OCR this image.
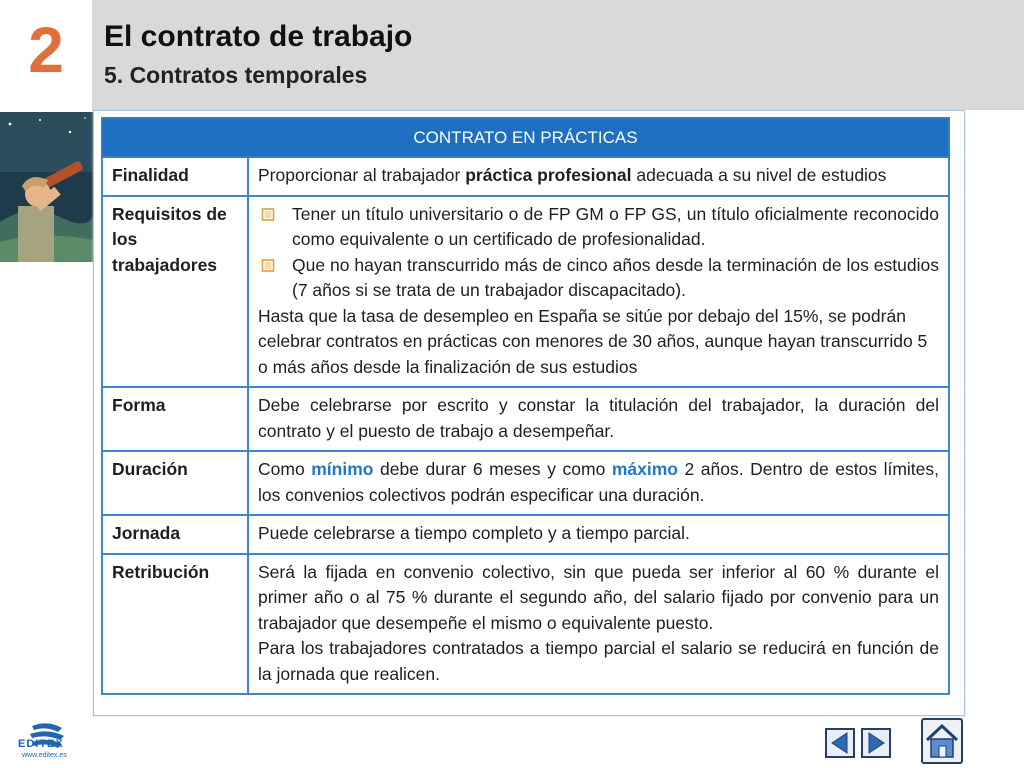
2	El contrato de trabajo
5. Contratos temporales
CONTRATO EN PRÁCTICAS	
Finalidad	Proporcionar al trabajador práctica profesional adecuada a su nivel de estudios
Requisitos de los trabajadores	Tener un título universitario o de FP GM o FP GS, un título oficialmente reconocido como equivalente o un certificado de profesionalidad.
Que no hayan transcurrido más de cinco años desde la terminación de los estudios (7 años si se trata de un trabajador discapacitado).
Hasta que la tasa de desempleo en España se sitúe por debajo del 15%, se podrán celebrar contratos en prácticas con menores de 30 años, aunque hayan transcurrido 5 o más años desde la finalización de sus estudios

Forma	Debe celebrarse por escrito y constar la titulación del trabajador, la duración del contrato y el puesto de trabajo a desempeñar.
Duración	Como mínimo debe durar 6 meses y como máximo 2 años. Dentro de estos límites, los convenios colectivos podrán especificar una duración.
Jornada	Puede celebrarse a tiempo completo y a tiempo parcial.
Retribución	Será la fijada en convenio colectivo, sin que pueda ser inferior al 60 % durante el primer año o al 75 % durante el segundo año, del salario fijado por convenio para un trabajador que desempeñe el mismo o equivalente puesto.
Para los trabajadores contratados a tiempo parcial el salario se reducirá en función de la jornada que realicen.
EDITEX
www.editex.es
